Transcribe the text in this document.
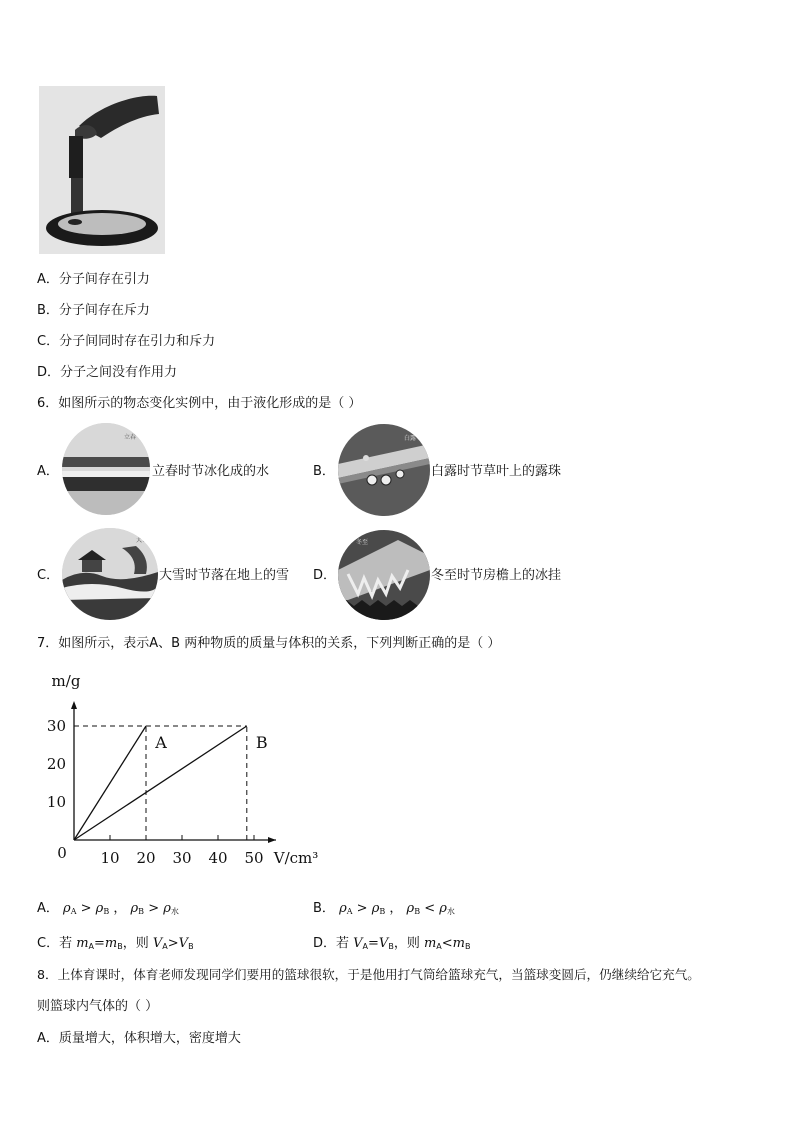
A．分子间存在引力
B．分子间存在斥力
C．分子间同时存在引力和斥力
D．分子之间没有作用力
6．如图所示的物态变化实例中，由于液化形成的是（ ）
A．
立春
立春时节冰化成的水	B．
白露
白露时节草叶上的露珠
C．
大雪
大雪时节落在地上的雪 D．
冬至
冬至时节房檐上的冰挂
7．如图所示，表示A、B 两种物质的质量与体积的关系，下列判断正确的是（ ）
A	B
10 20 30 40 50
10
20
30
0
m/g
V/cm³
A． $\rho_A > \rho_B$ ， $\rho_B > \rho_水$	B． $\rho_A > \rho_B$ ， $\rho_B < \rho_水$
C．若 $m_A=m_B$，则 $V_A>V_B$	D．若 $V_A=V_B$，则 $m_A<m_B$
8．上体育课时，体育老师发现同学们要用的篮球很软，于是他用打气筒给篮球充气，当篮球变圆后，仍继续给它充气。
则篮球内气体的（ ）
A．质量增大，体积增大，密度增大
